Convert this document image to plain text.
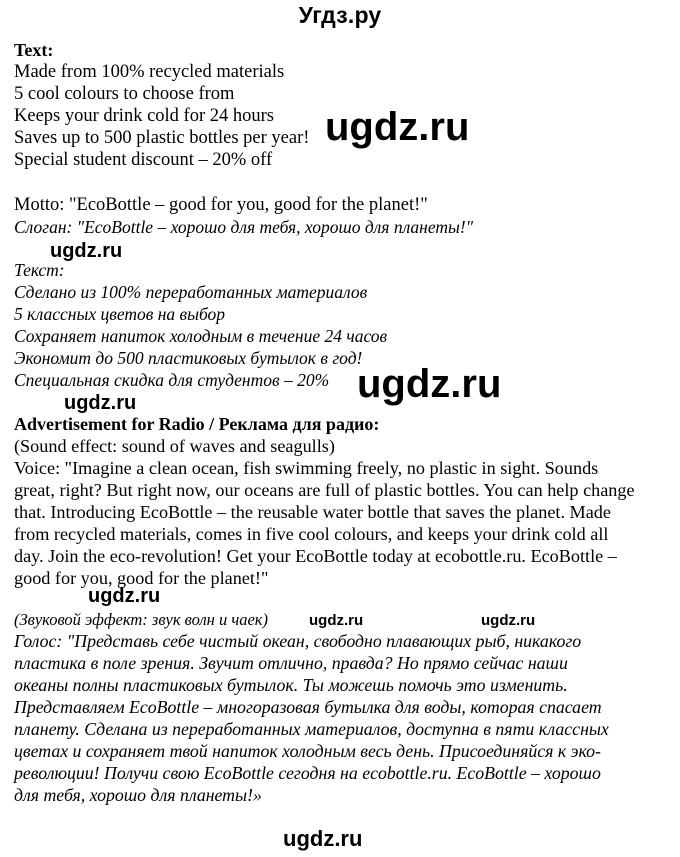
Угдз.ру
Text:
Made from 100% recycled materials
5 cool colours to choose from
Keeps your drink cold for 24 hours
Saves up to 500 plastic bottles per year!
Special student discount – 20% off
Motto: "EcoBottle – good for you, good for the planet!"
Слоган: "EcoBottle – хорошо для тебя, хорошо для планеты!"
Текст:
Сделано из 100% переработанных материалов
5 классных цветов на выбор
Сохраняет напиток холодным в течение 24 часов
Экономит до 500 пластиковых бутылок в год!
Специальная скидка для студентов – 20%
Advertisement for Radio / Реклама для радио:
(Sound effect: sound of waves and seagulls)
Voice: "Imagine a clean ocean, fish swimming freely, no plastic in sight. Sounds
great, right? But right now, our oceans are full of plastic bottles. You can help change
that. Introducing EcoBottle – the reusable water bottle that saves the planet. Made
from recycled materials, comes in five cool colours, and keeps your drink cold all
day. Join the eco-revolution! Get your EcoBottle today at ecobottle.ru. EcoBottle –
good for you, good for the planet!"
(Звуковой эффект: звук волн и чаек)
Голос: "Представь себе чистый океан, свободно плавающих рыб, никакого
пластика в поле зрения. Звучит отлично, правда? Но прямо сейчас наши
океаны полны пластиковых бутылок. Ты можешь помочь это изменить.
Представляем EcoBottle – многоразовая бутылка для воды, которая спасает
планету. Сделана из переработанных материалов, доступна в пяти классных
цветах и сохраняет твой напиток холодным весь день. Присоединяйся к эко-
революции! Получи свою EcoBottle сегодня на ecobottle.ru. EcoBottle – хорошо
для тебя, хорошо для планеты!»
ugdz.ru
ugdz.ru
ugdz.ru
ugdz.ru
ugdz.ru
ugdz.ru	ugdz.ru
ugdz.ru
